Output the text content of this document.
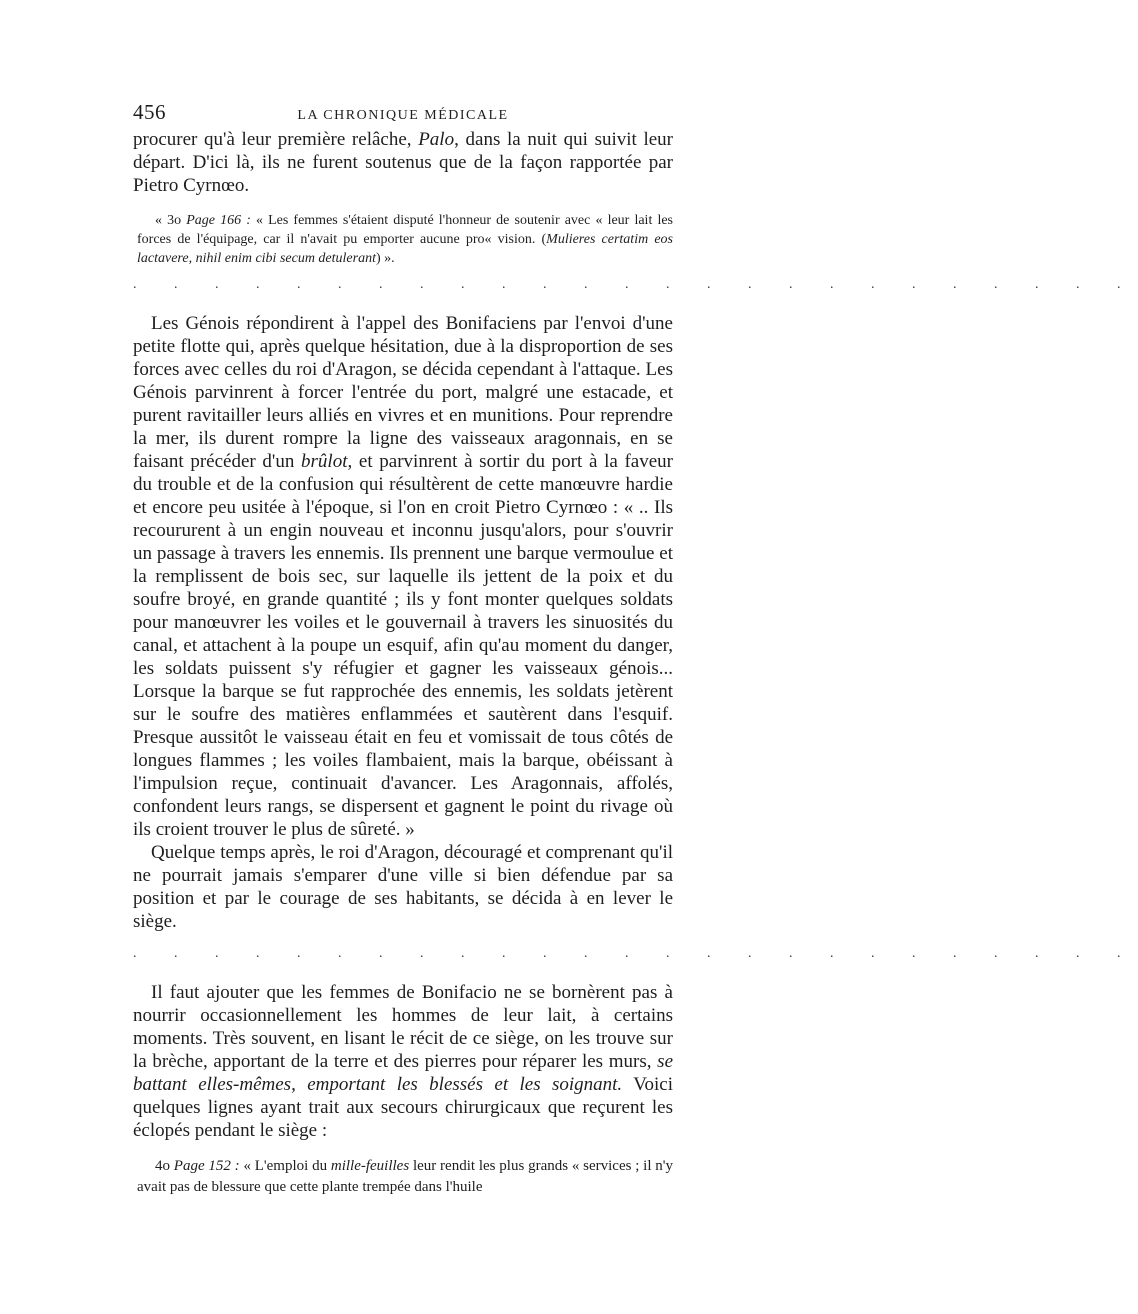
456	LA CHRONIQUE MÉDICALE

procurer qu'à leur première relâche, Palo, dans la nuit qui suivit leur départ. D'ici là, ils ne furent soutenus que de la façon rapportée par Pietro Cyrnœo.

« 3o Page 166 : « Les femmes s'étaient disputé l'honneur de soutenir avec « leur lait les forces de l'équipage, car il n'avait pu emporter aucune pro« vision. (Mulieres certatim eos lactavere, nihil enim cibi secum detulerant) ».

. . . . . . . . . . . . . . . . . . . . . . . . .

Les Génois répondirent à l'appel des Bonifaciens par l'envoi d'une petite flotte qui, après quelque hésitation, due à la disproportion de ses forces avec celles du roi d'Aragon, se décida cependant à l'attaque. Les Génois parvinrent à forcer l'entrée du port, malgré une estacade, et purent ravitailler leurs alliés en vivres et en munitions. Pour reprendre la mer, ils durent rompre la ligne des vaisseaux aragonnais, en se faisant précéder d'un brûlot, et parvinrent à sortir du port à la faveur du trouble et de la confusion qui résultèrent de cette manœuvre hardie et encore peu usitée à l'époque, si l'on en croit Pietro Cyrnœo : « .. Ils recoururent à un engin nouveau et inconnu jusqu'alors, pour s'ouvrir un passage à travers les ennemis. Ils prennent une barque vermoulue et la remplissent de bois sec, sur laquelle ils jettent de la poix et du soufre broyé, en grande quantité ; ils y font monter quelques soldats pour manœuvrer les voiles et le gouvernail à travers les sinuosités du canal, et attachent à la poupe un esquif, afin qu'au moment du danger, les soldats puissent s'y réfugier et gagner les vaisseaux génois... Lorsque la barque se fut rapprochée des ennemis, les soldats jetèrent sur le soufre des matières enflammées et sautèrent dans l'esquif. Presque aussitôt le vaisseau était en feu et vomissait de tous côtés de longues flammes ; les voiles flambaient, mais la barque, obéissant à l'impulsion reçue, continuait d'avancer. Les Aragonnais, affolés, confondent leurs rangs, se dispersent et gagnent le point du rivage où ils croient trouver le plus de sûreté. »

Quelque temps après, le roi d'Aragon, découragé et comprenant qu'il ne pourrait jamais s'emparer d'une ville si bien défendue par sa position et par le courage de ses habitants, se décida à en lever le siège.

. . . . . . . . . . . . . . . . . . . . . . . . .

Il faut ajouter que les femmes de Bonifacio ne se bornèrent pas à nourrir occasionnellement les hommes de leur lait, à certains moments. Très souvent, en lisant le récit de ce siège, on les trouve sur la brèche, apportant de la terre et des pierres pour réparer les murs, se battant elles-mêmes, emportant les blessés et les soignant. Voici quelques lignes ayant trait aux secours chirurgicaux que reçurent les éclopés pendant le siège :

4o Page 152 : « L'emploi du mille-feuilles leur rendit les plus grands « services ; il n'y avait pas de blessure que cette plante trempée dans l'huile
